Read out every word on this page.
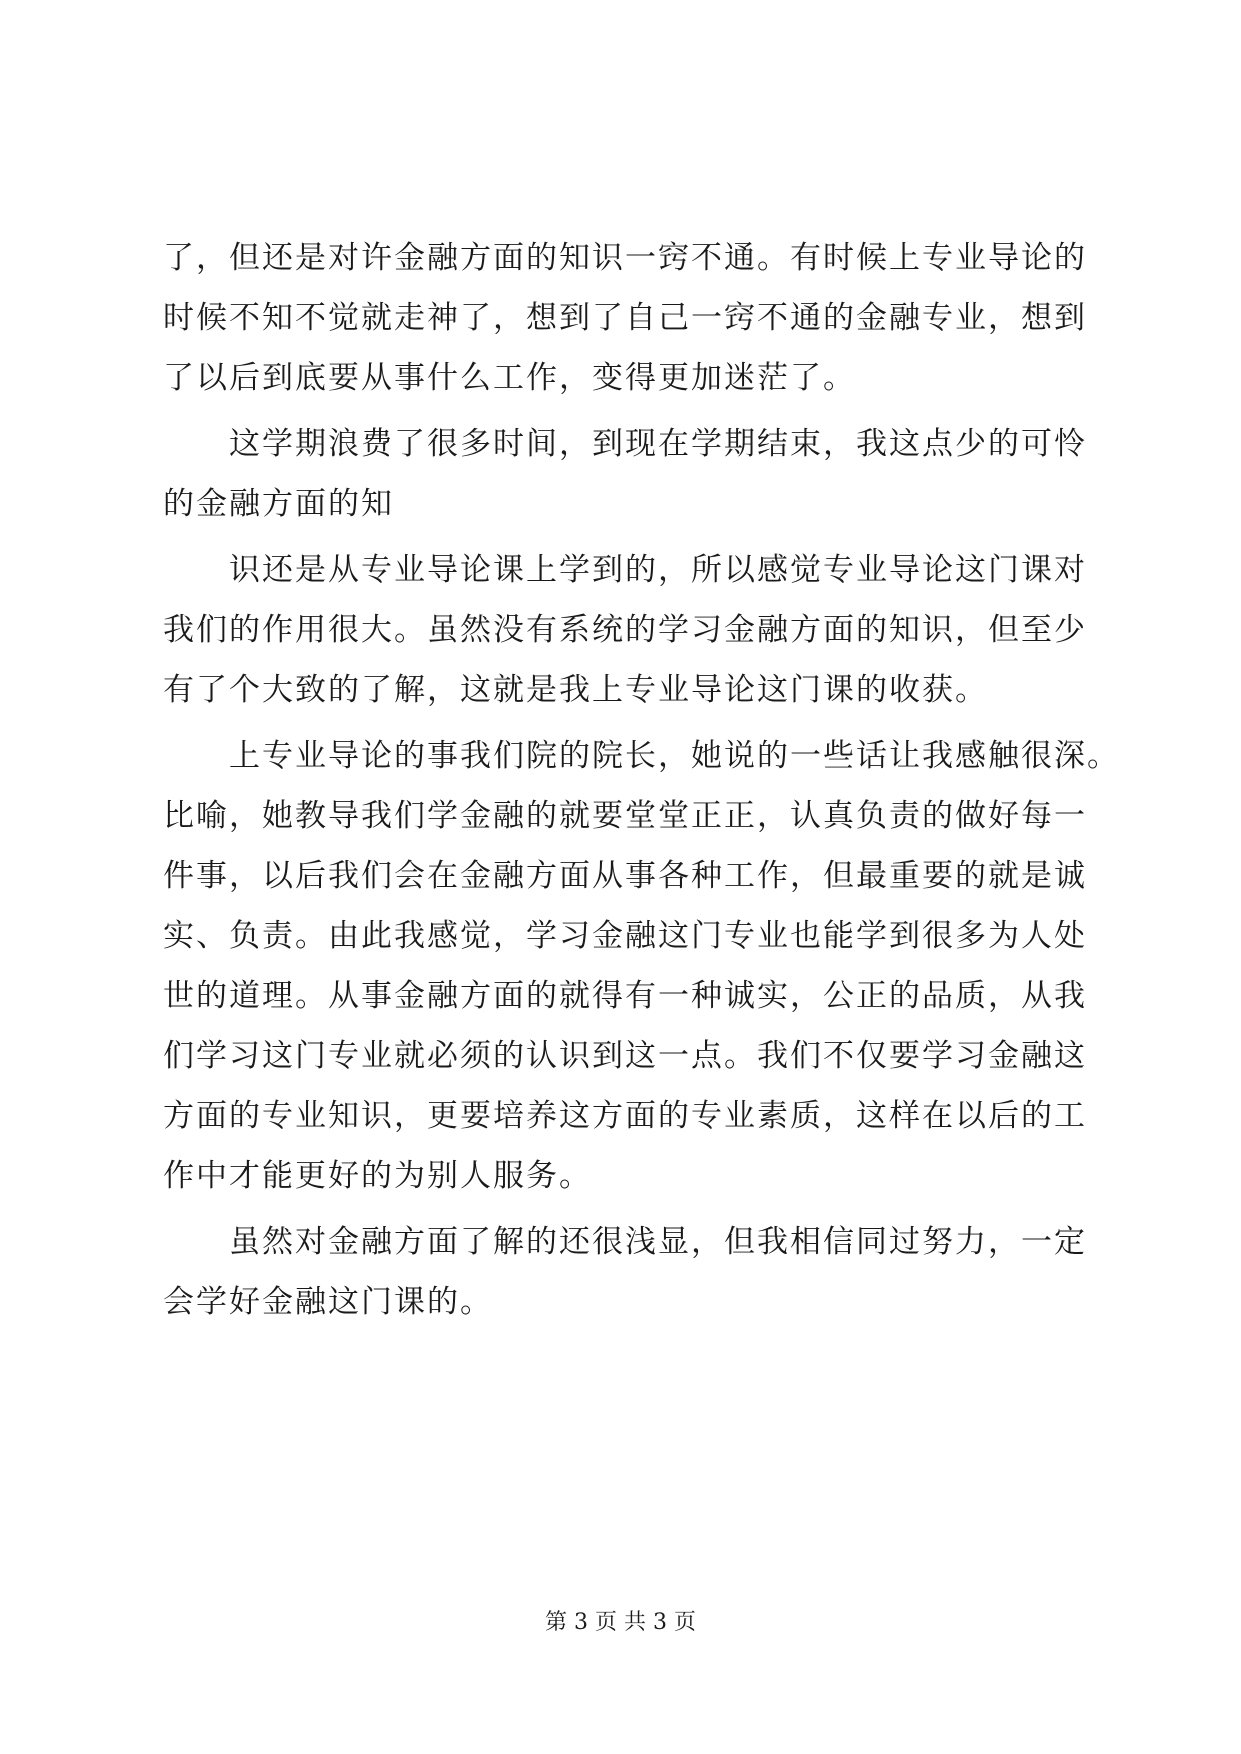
了，但还是对许金融方面的知识一窍不通。有时候上专业导论的
时候不知不觉就走神了，想到了自己一窍不通的金融专业，想到
了以后到底要从事什么工作，变得更加迷茫了。
　　这学期浪费了很多时间，到现在学期结束，我这点少的可怜
的金融方面的知
　　识还是从专业导论课上学到的，所以感觉专业导论这门课对
我们的作用很大。虽然没有系统的学习金融方面的知识，但至少
有了个大致的了解，这就是我上专业导论这门课的收获。
　　上专业导论的事我们院的院长，她说的一些话让我感触很深。
比喻，她教导我们学金融的就要堂堂正正，认真负责的做好每一
件事，以后我们会在金融方面从事各种工作，但最重要的就是诚
实、负责。由此我感觉，学习金融这门专业也能学到很多为人处
世的道理。从事金融方面的就得有一种诚实，公正的品质，从我
们学习这门专业就必须的认识到这一点。我们不仅要学习金融这
方面的专业知识，更要培养这方面的专业素质，这样在以后的工
作中才能更好的为别人服务。
　　虽然对金融方面了解的还很浅显，但我相信同过努力，一定
会学好金融这门课的。
第 3 页 共 3 页
